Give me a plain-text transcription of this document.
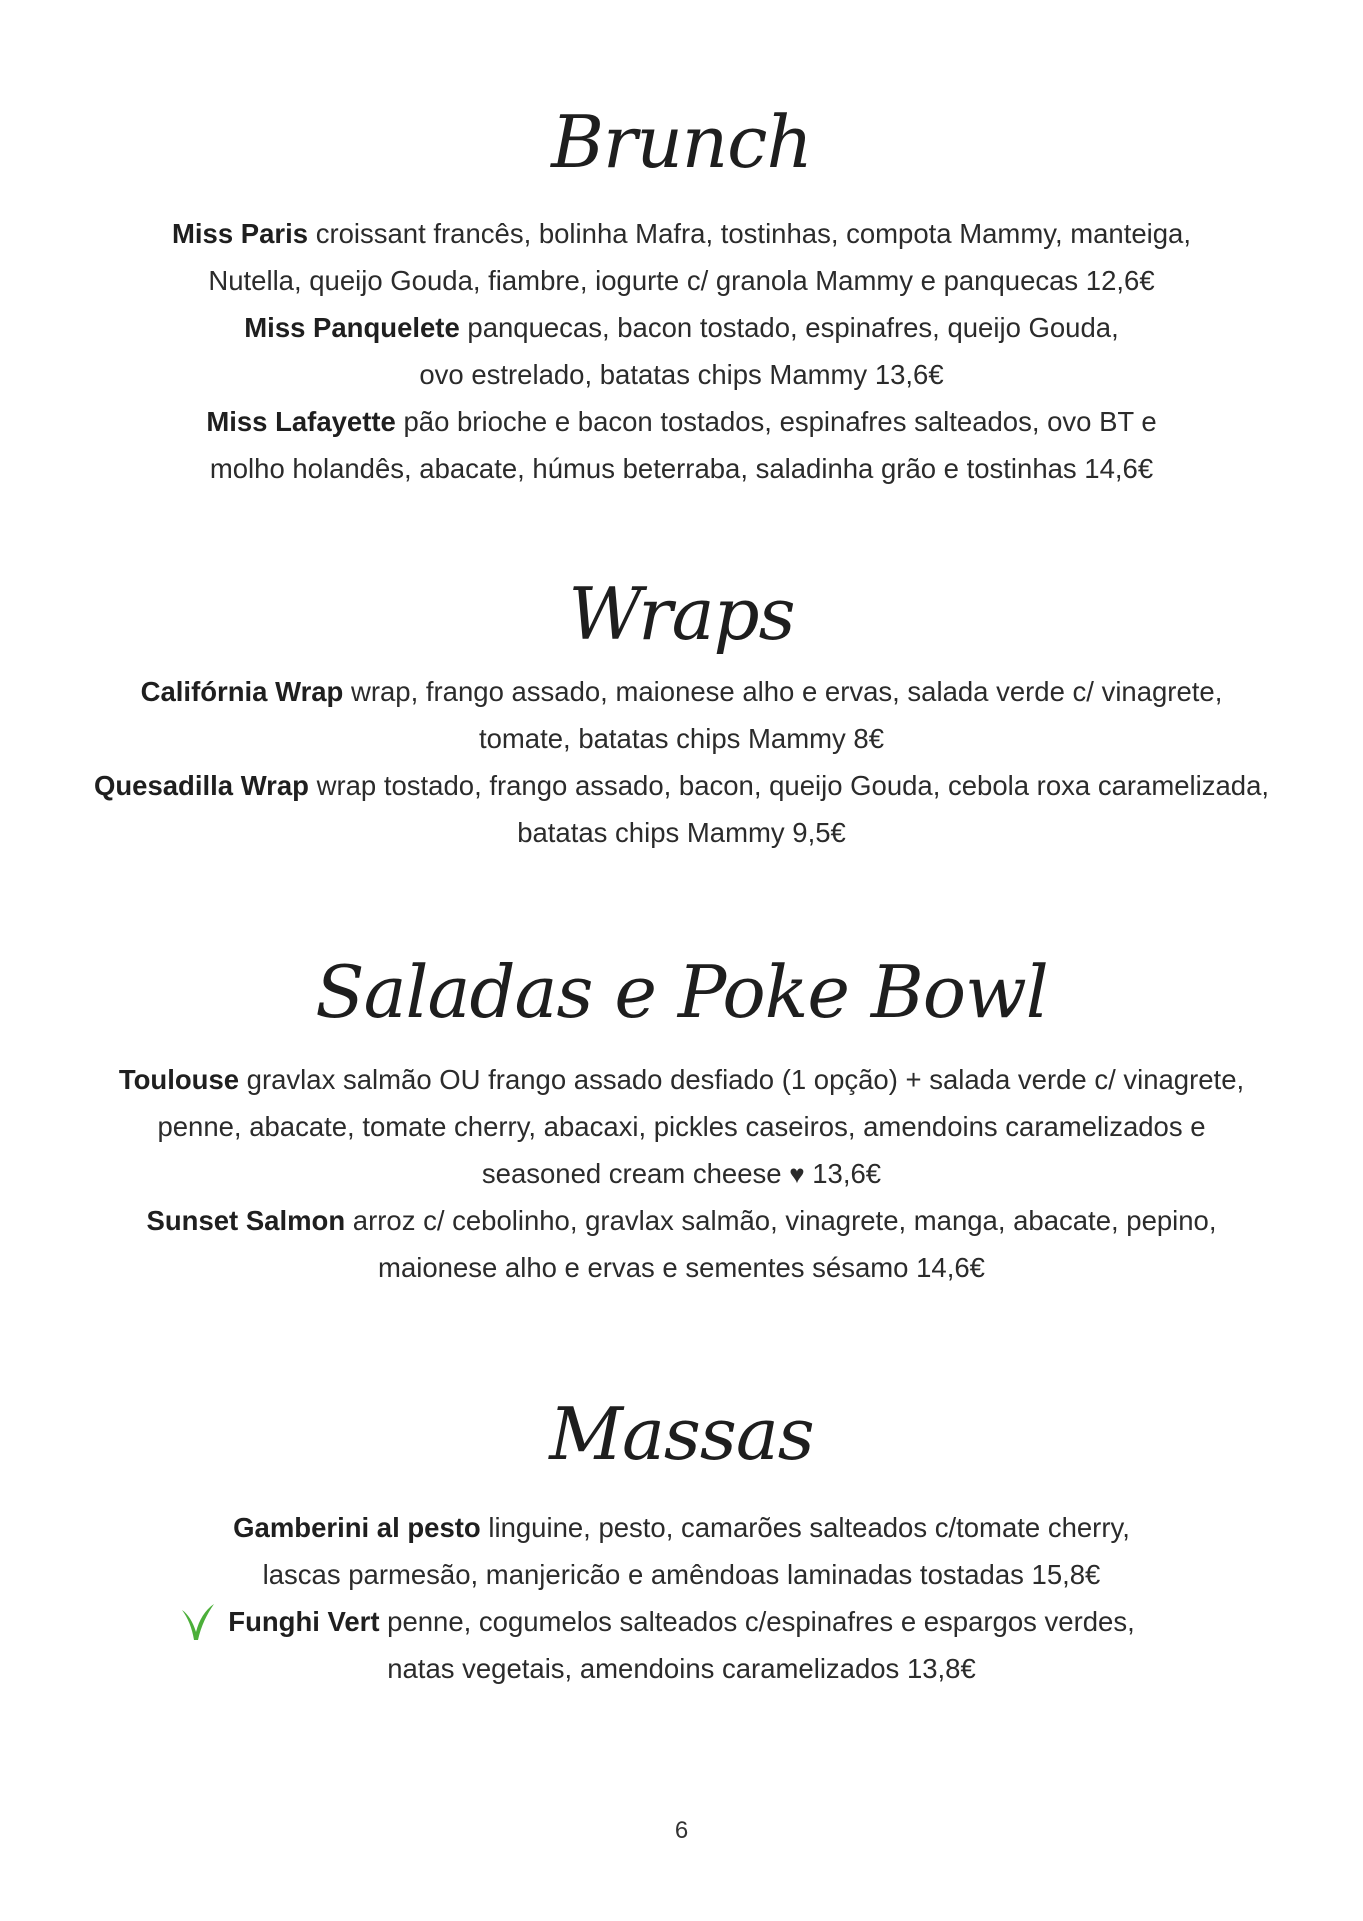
Brunch
Miss Paris croissant francês, bolinha Mafra, tostinhas, compota Mammy, manteiga,
Nutella, queijo Gouda, fiambre, iogurte c/ granola Mammy e panquecas 12,6€
Miss Panquelete panquecas, bacon tostado, espinafres, queijo Gouda,
ovo estrelado, batatas chips Mammy 13,6€
Miss Lafayette pão brioche e bacon tostados, espinafres salteados, ovo BT e
molho holandês, abacate, húmus beterraba, saladinha grão e tostinhas 14,6€
Wraps
Califórnia Wrap wrap, frango assado, maionese alho e ervas, salada verde c/ vinagrete,
tomate, batatas chips Mammy 8€
Quesadilla Wrap wrap tostado, frango assado, bacon, queijo Gouda, cebola roxa caramelizada,
batatas chips Mammy 9,5€
Saladas e Poke Bowl
Toulouse gravlax salmão OU frango assado desfiado (1 opção) + salada verde c/ vinagrete,
penne, abacate, tomate cherry, abacaxi, pickles caseiros, amendoins caramelizados e
seasoned cream cheese ♥ 13,6€
Sunset Salmon arroz c/ cebolinho, gravlax salmão, vinagrete, manga, abacate, pepino,
maionese alho e ervas e sementes sésamo 14,6€
Massas
Gamberini al pesto linguine, pesto, camarões salteados c/tomate cherry,
lascas parmesão, manjericão e amêndoas laminadas tostadas 15,8€
Funghi Vert penne, cogumelos salteados c/espinafres e espargos verdes,
natas vegetais, amendoins caramelizados 13,8€
6
